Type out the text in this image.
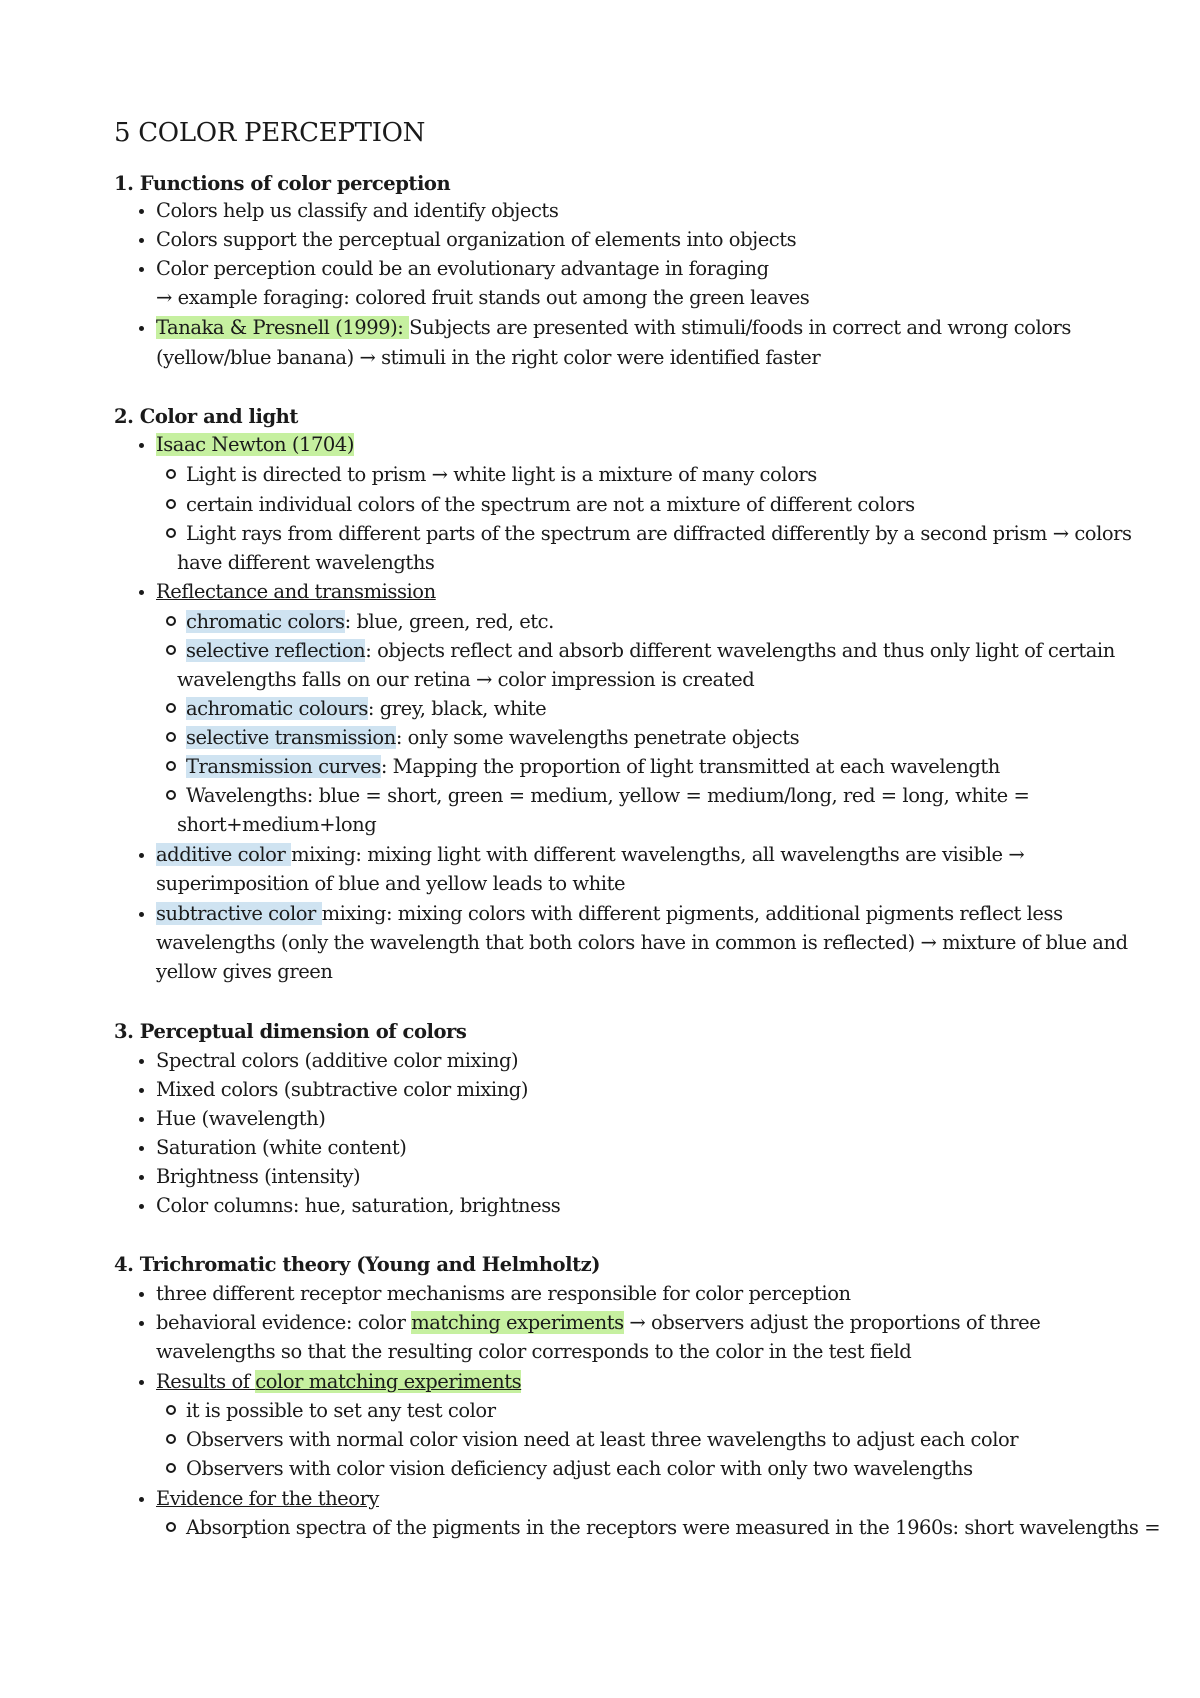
5 COLOR PERCEPTION
1. Functions of color perception
Colors help us classify and identify objects
Colors support the perceptual organization of elements into objects
Color perception could be an evolutionary advantage in foraging
→ example foraging: colored fruit stands out among the green leaves
Tanaka & Presnell (1999): Subjects are presented with stimuli/foods in correct and wrong colors
(yellow/blue banana) → stimuli in the right color were identified faster
2. Color and light
Isaac Newton (1704)
Light is directed to prism → white light is a mixture of many colors
certain individual colors of the spectrum are not a mixture of different colors
Light rays from different parts of the spectrum are diffracted differently by a second prism → colors
have different wavelengths
Reflectance and transmission
chromatic colors: blue, green, red, etc.
selective reflection: objects reflect and absorb different wavelengths and thus only light of certain
wavelengths falls on our retina → color impression is created
achromatic colours: grey, black, white
selective transmission: only some wavelengths penetrate objects
Transmission curves: Mapping the proportion of light transmitted at each wavelength
Wavelengths: blue = short, green = medium, yellow = medium/long, red = long, white =
short+medium+long
additive color mixing: mixing light with different wavelengths, all wavelengths are visible →
superimposition of blue and yellow leads to white
subtractive color mixing: mixing colors with different pigments, additional pigments reflect less
wavelengths (only the wavelength that both colors have in common is reflected) → mixture of blue and
yellow gives green
3. Perceptual dimension of colors
Spectral colors (additive color mixing)
Mixed colors (subtractive color mixing)
Hue (wavelength)
Saturation (white content)
Brightness (intensity)
Color columns: hue, saturation, brightness
4. Trichromatic theory (Young and Helmholtz)
three different receptor mechanisms are responsible for color perception
behavioral evidence: color matching experiments → observers adjust the proportions of three
wavelengths so that the resulting color corresponds to the color in the test field
Results of color matching experiments
it is possible to set any test color
Observers with normal color vision need at least three wavelengths to adjust each color
Observers with color vision deficiency adjust each color with only two wavelengths
Evidence for the theory
Absorption spectra of the pigments in the receptors were measured in the 1960s: short wavelengths =
